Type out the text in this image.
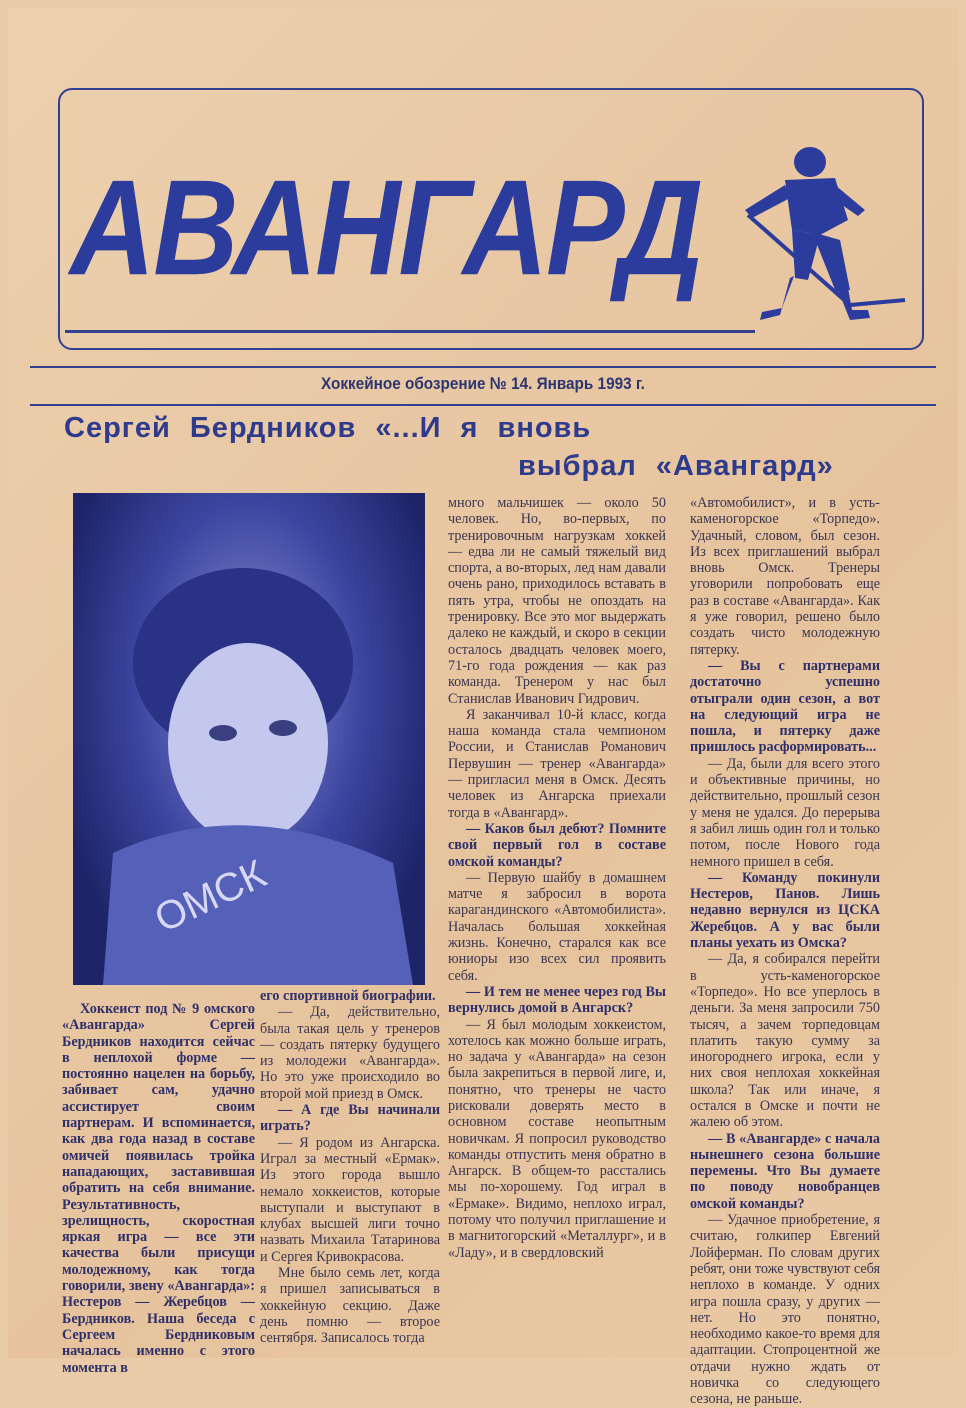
АВАНГАРД
Хоккейное обозрение № 14. Январь 1993 г.
Сергей Бердников «...И я вновь
выбрал «Авангард»
ОМСК

Хоккеист под № 9 омского «Авангарда» Сергей Бердников находится сейчас в неплохой форме — постоянно нацелен на борьбу, забивает сам, удачно ассистирует своим партнерам. И вспоминается, как два года назад в составе омичей появилась тройка нападающих, заставившая обратить на себя внимание. Результативность, зрелищность, скоростная яркая игра — все эти качества были присущи молодежному, как тогда говорили, звену «Авангарда»: Нестеров — Жеребцов — Бердников. Наша беседа с Сергеем Бердниковым началась именно с этого момента в

его спортивной биографии.

— Да, действительно, была такая цель у тренеров — создать пятерку будущего из молодежи «Авангарда». Но это уже происходило во второй мой приезд в Омск.

— А где Вы начинали играть?

— Я родом из Ангарска. Играл за местный «Ермак». Из этого города вышло немало хоккеистов, которые выступали и выступают в клубах высшей лиги точно назвать Михаила Татаринова и Сергея Кривокрасова.

Мне было семь лет, когда я пришел записываться в хоккейную секцию. Даже день помню — второе сентября. Записалось тогда

много мальчишек — около 50 человек. Но, во-первых, по тренировочным нагрузкам хоккей — едва ли не самый тяжелый вид спорта, а во-вторых, лед нам давали очень рано, приходилось вставать в пять утра, чтобы не опоздать на тренировку. Все это мог выдержать далеко не каждый, и скоро в секции осталось двадцать человек моего, 71-го года рождения — как раз команда. Тренером у нас был Станислав Иванович Гидрович.

Я заканчивал 10-й класс, когда наша команда стала чемпионом России, и Станислав Романович Первушин — тренер «Авангарда» — пригласил меня в Омск. Десять человек из Ангарска приехали тогда в «Авангард».

— Каков был дебют? Помните свой первый гол в составе омской команды?

— Первую шайбу в домашнем матче я забросил в ворота карагандинского «Автомобилиста». Началась большая хоккейная жизнь. Конечно, старался как все юниоры изо всех сил проявить себя.

— И тем не менее через год Вы вернулись домой в Ангарск?

— Я был молодым хоккеистом, хотелось как можно больше играть, но задача у «Авангарда» на сезон была закрепиться в первой лиге, и, понятно, что тренеры не часто рисковали доверять место в основном составе неопытным новичкам. Я попросил руководство команды отпустить меня обратно в Ангарск. В общем-то расстались мы по-хорошему. Год играл в «Ермаке». Видимо, неплохо играл, потому что получил приглашение и в магнитогорский «Металлург», и в «Ладу», и в свердловский

«Автомобилист», и в усть-каменогорское «Торпедо». Удачный, словом, был сезон. Из всех приглашений выбрал вновь Омск. Тренеры уговорили попробовать еще раз в составе «Авангарда». Как я уже говорил, решено было создать чисто молодежную пятерку.

— Вы с партнерами достаточно успешно отыграли один сезон, а вот на следующий игра не пошла, и пятерку даже пришлось расформировать...

— Да, были для всего этого и объективные причины, но действительно, прошлый сезон у меня не удался. До перерыва я забил лишь один гол и только потом, после Нового года немного пришел в себя.

— Команду покинули Нестеров, Панов. Лишь недавно вернулся из ЦСКА Жеребцов. А у вас были планы уехать из Омска?

— Да, я собирался перейти в усть-каменогорское «Торпедо». Но все уперлось в деньги. За меня запросили 750 тысяч, а зачем торпедовцам платить такую сумму за иногороднего игрока, если у них своя неплохая хоккейная школа? Так или иначе, я остался в Омске и почти не жалею об этом.

— В «Авангарде» с начала нынешнего сезона большие перемены. Что Вы думаете по поводу новобранцев омской команды?

— Удачное приобретение, я считаю, голкипер Евгений Лойферман. По словам других ребят, они тоже чувствуют себя неплохо в команде. У одних игра пошла сразу, у других — нет. Но это понятно, необходимо какое-то время для адаптации. Стопроцентной же отдачи нужно ждать от новичка со следующего сезона, не раньше.
